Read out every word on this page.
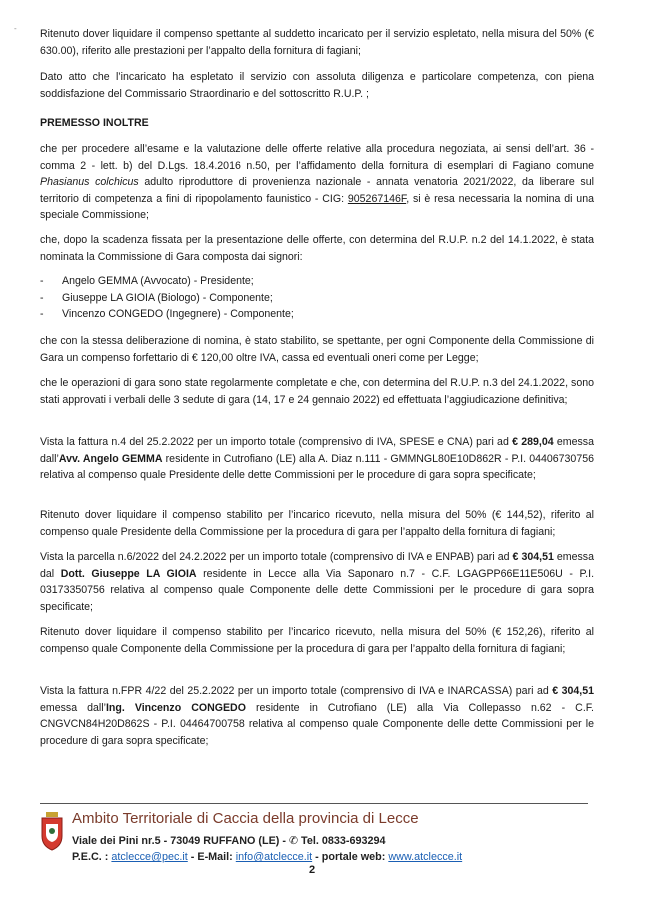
- Ritenuto dover liquidare il compenso spettante al suddetto incaricato per il servizio espletato, nella misura del 50% (€ 630.00), riferito alle prestazioni per l’appalto della fornitura di fagiani;

Dato atto che l’incaricato ha espletato il servizio con assoluta diligenza e particolare competenza, con piena soddisfazione del Commissario Straordinario e del sottoscritto R.U.P. ;

PREMESSO INOLTRE

che per procedere all’esame e la valutazione delle offerte relative alla procedura negoziata, ai sensi dell’art. 36 - comma 2 - lett. b) del D.Lgs. 18.4.2016 n.50, per l’affidamento della fornitura di esemplari di Fagiano comune Phasianus colchicus adulto riproduttore di provenienza nazionale - annata venatoria 2021/2022, da liberare sul territorio di competenza a fini di ripopolamento faunistico - CIG: 905267146F, si è resa necessaria la nomina di una speciale Commissione;

che, dopo la scadenza fissata per la presentazione delle offerte, con determina del R.U.P. n.2 del 14.1.2022, è stata nominata la Commissione di Gara composta dai signori:

- Angelo GEMMA (Avvocato) - Presidente;
- Giuseppe LA GIOIA (Biologo) - Componente;
- Vincenzo CONGEDO (Ingegnere) - Componente;

che con la stessa deliberazione di nomina, è stato stabilito, se spettante, per ogni Componente della Commissione di Gara un compenso forfettario di € 120,00 oltre IVA, cassa ed eventuali oneri come per Legge;

che le operazioni di gara sono state regolarmente completate e che, con determina del R.U.P. n.3 del 24.1.2022, sono stati approvati i verbali delle 3 sedute di gara (14, 17 e 24 gennaio 2022) ed effettuata l’aggiudicazione definitiva;

Vista la fattura n.4 del 25.2.2022 per un importo totale (comprensivo di IVA, SPESE e CNA) pari ad € 289,04 emessa dall’Avv. Angelo GEMMA residente in Cutrofiano (LE) alla A. Diaz n.111 - GMMNGL80E10D862R - P.I. 04406730756 relativa al compenso quale Presidente delle dette Commissioni per le procedure di gara sopra specificate;

Ritenuto dover liquidare il compenso stabilito per l’incarico ricevuto, nella misura del 50% (€ 144,52), riferito al compenso quale Presidente della Commissione per la procedura di gara per l’appalto della fornitura di fagiani;

Vista la parcella n.6/2022 del 24.2.2022 per un importo totale (comprensivo di IVA e ENPAB) pari ad € 304,51 emessa dal Dott. Giuseppe LA GIOIA residente in Lecce alla Via Saponaro n.7 - C.F. LGAGPP66E11E506U - P.I. 03173350756 relativa al compenso quale Componente delle dette Commissioni per le procedure di gara sopra specificate;

Ritenuto dover liquidare il compenso stabilito per l’incarico ricevuto, nella misura del 50% (€ 152,26), riferito al compenso quale Componente della Commissione per la procedura di gara per l’appalto della fornitura di fagiani;

Vista la fattura n.FPR 4/22 del 25.2.2022 per un importo totale (comprensivo di IVA e INARCASSA) pari ad € 304,51 emessa dall’Ing. Vincenzo CONGEDO residente in Cutrofiano (LE) alla Via Collepasso n.62 - C.F. CNGVCN84H20D862S - P.I. 04464700758 relativa al compenso quale Componente delle dette Commissioni per le procedure di gara sopra specificate;

Ambito Territoriale di Caccia della provincia di Lecce
Viale dei Pini nr.5 - 73049 RUFFANO (LE) - ✆ Tel. 0833-693294
P.E.C. : atclecce@pec.it - E-Mail: info@atclecce.it - portale web: www.atclecce.it
2
